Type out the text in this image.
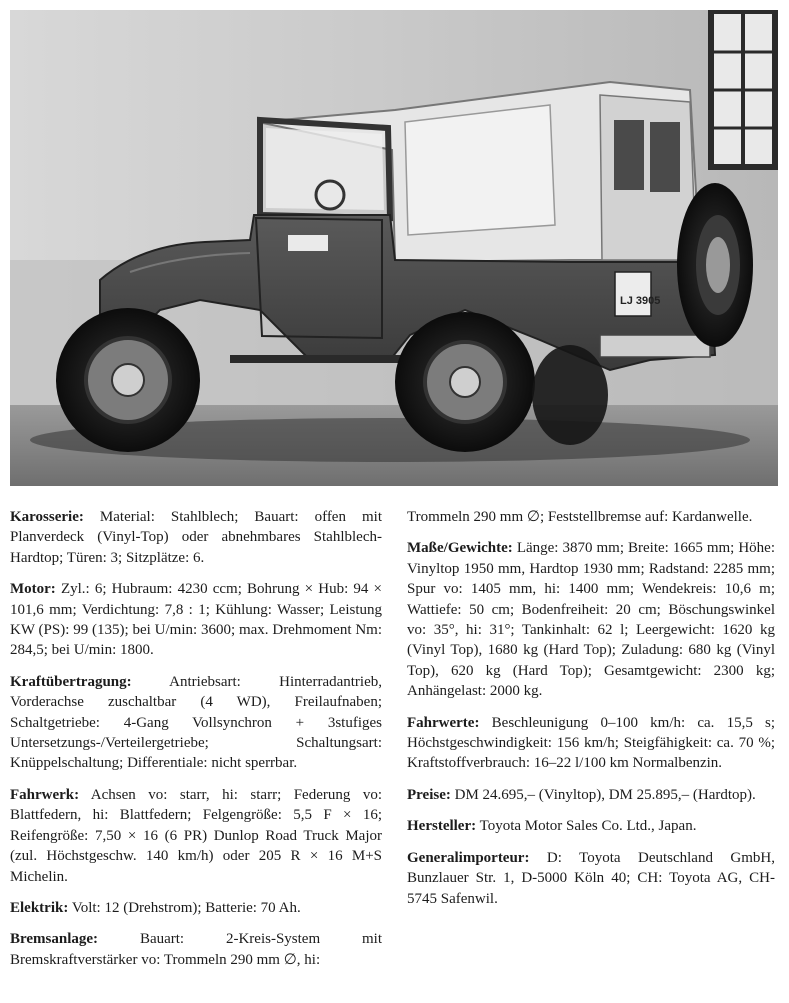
LJ 3905

Karosserie: Material: Stahlblech; Bauart: offen mit Planverdeck (Vinyl-Top) oder abnehmbares Stahlblech-Hardtop; Türen: 3; Sitzplätze: 6.

Motor: Zyl.: 6; Hubraum: 4230 ccm; Bohrung × Hub: 94 × 101,6 mm; Verdichtung: 7,8 : 1; Kühlung: Wasser; Leistung KW (PS): 99 (135); bei U/min: 3600; max. Drehmoment Nm: 284,5; bei U/min: 1800.

Kraftübertragung:	Antriebsart: Hinterradantrieb, Vorderachse zuschaltbar (4 WD), Freilaufnaben; Schaltgetriebe: 4-Gang Vollsynchron + 3stufiges Untersetzungs-/Verteilergetriebe; Schaltungsart: Knüppelschaltung; Differentiale: nicht sperrbar.

Fahrwerk: Achsen vo: starr, hi: starr; Federung vo: Blattfedern, hi: Blattfedern; Felgengröße: 5,5 F × 16; Reifengröße: 7,50 × 16 (6 PR) Dunlop Road Truck Major (zul. Höchstgeschw. 140 km/h) oder 205 R × 16 M+S Michelin.

Elektrik: Volt: 12 (Drehstrom); Batterie: 70 Ah.

Bremsanlage:	Bauart: 2-Kreis-System mit Bremskraftverstärker vo: Trommeln 290 mm ∅, hi:

Trommeln 290 mm ∅; Feststellbremse auf: Kardanwelle.

Maße/Gewichte: Länge: 3870 mm; Breite: 1665 mm; Höhe: Vinyltop 1950 mm, Hardtop 1930 mm; Radstand: 2285 mm; Spur vo: 1405 mm, hi: 1400 mm; Wendekreis: 10,6 m; Wattiefe: 50 cm; Bodenfreiheit: 20 cm; Böschungswinkel vo: 35°, hi: 31°; Tankinhalt: 62 l; Leergewicht: 1620 kg (Vinyl Top), 1680 kg (Hard Top); Zuladung: 680 kg (Vinyl Top), 620 kg (Hard Top); Gesamtgewicht: 2300 kg; Anhängelast: 2000 kg.

Fahrwerte: Beschleunigung 0–100 km/h: ca. 15,5 s; Höchstgeschwindigkeit: 156 km/h; Steigfähigkeit: ca. 70 %; Kraftstoffverbrauch: 16–22 l/100 km Normalbenzin.

Preise: DM 24.695,– (Vinyltop), DM 25.895,– (Hardtop).

Hersteller: Toyota Motor Sales Co. Ltd., Japan.

Generalimporteur: D: Toyota Deutschland GmbH, Bunzlauer Str. 1, D-5000 Köln 40; CH: Toyota AG, CH-5745 Safenwil.
